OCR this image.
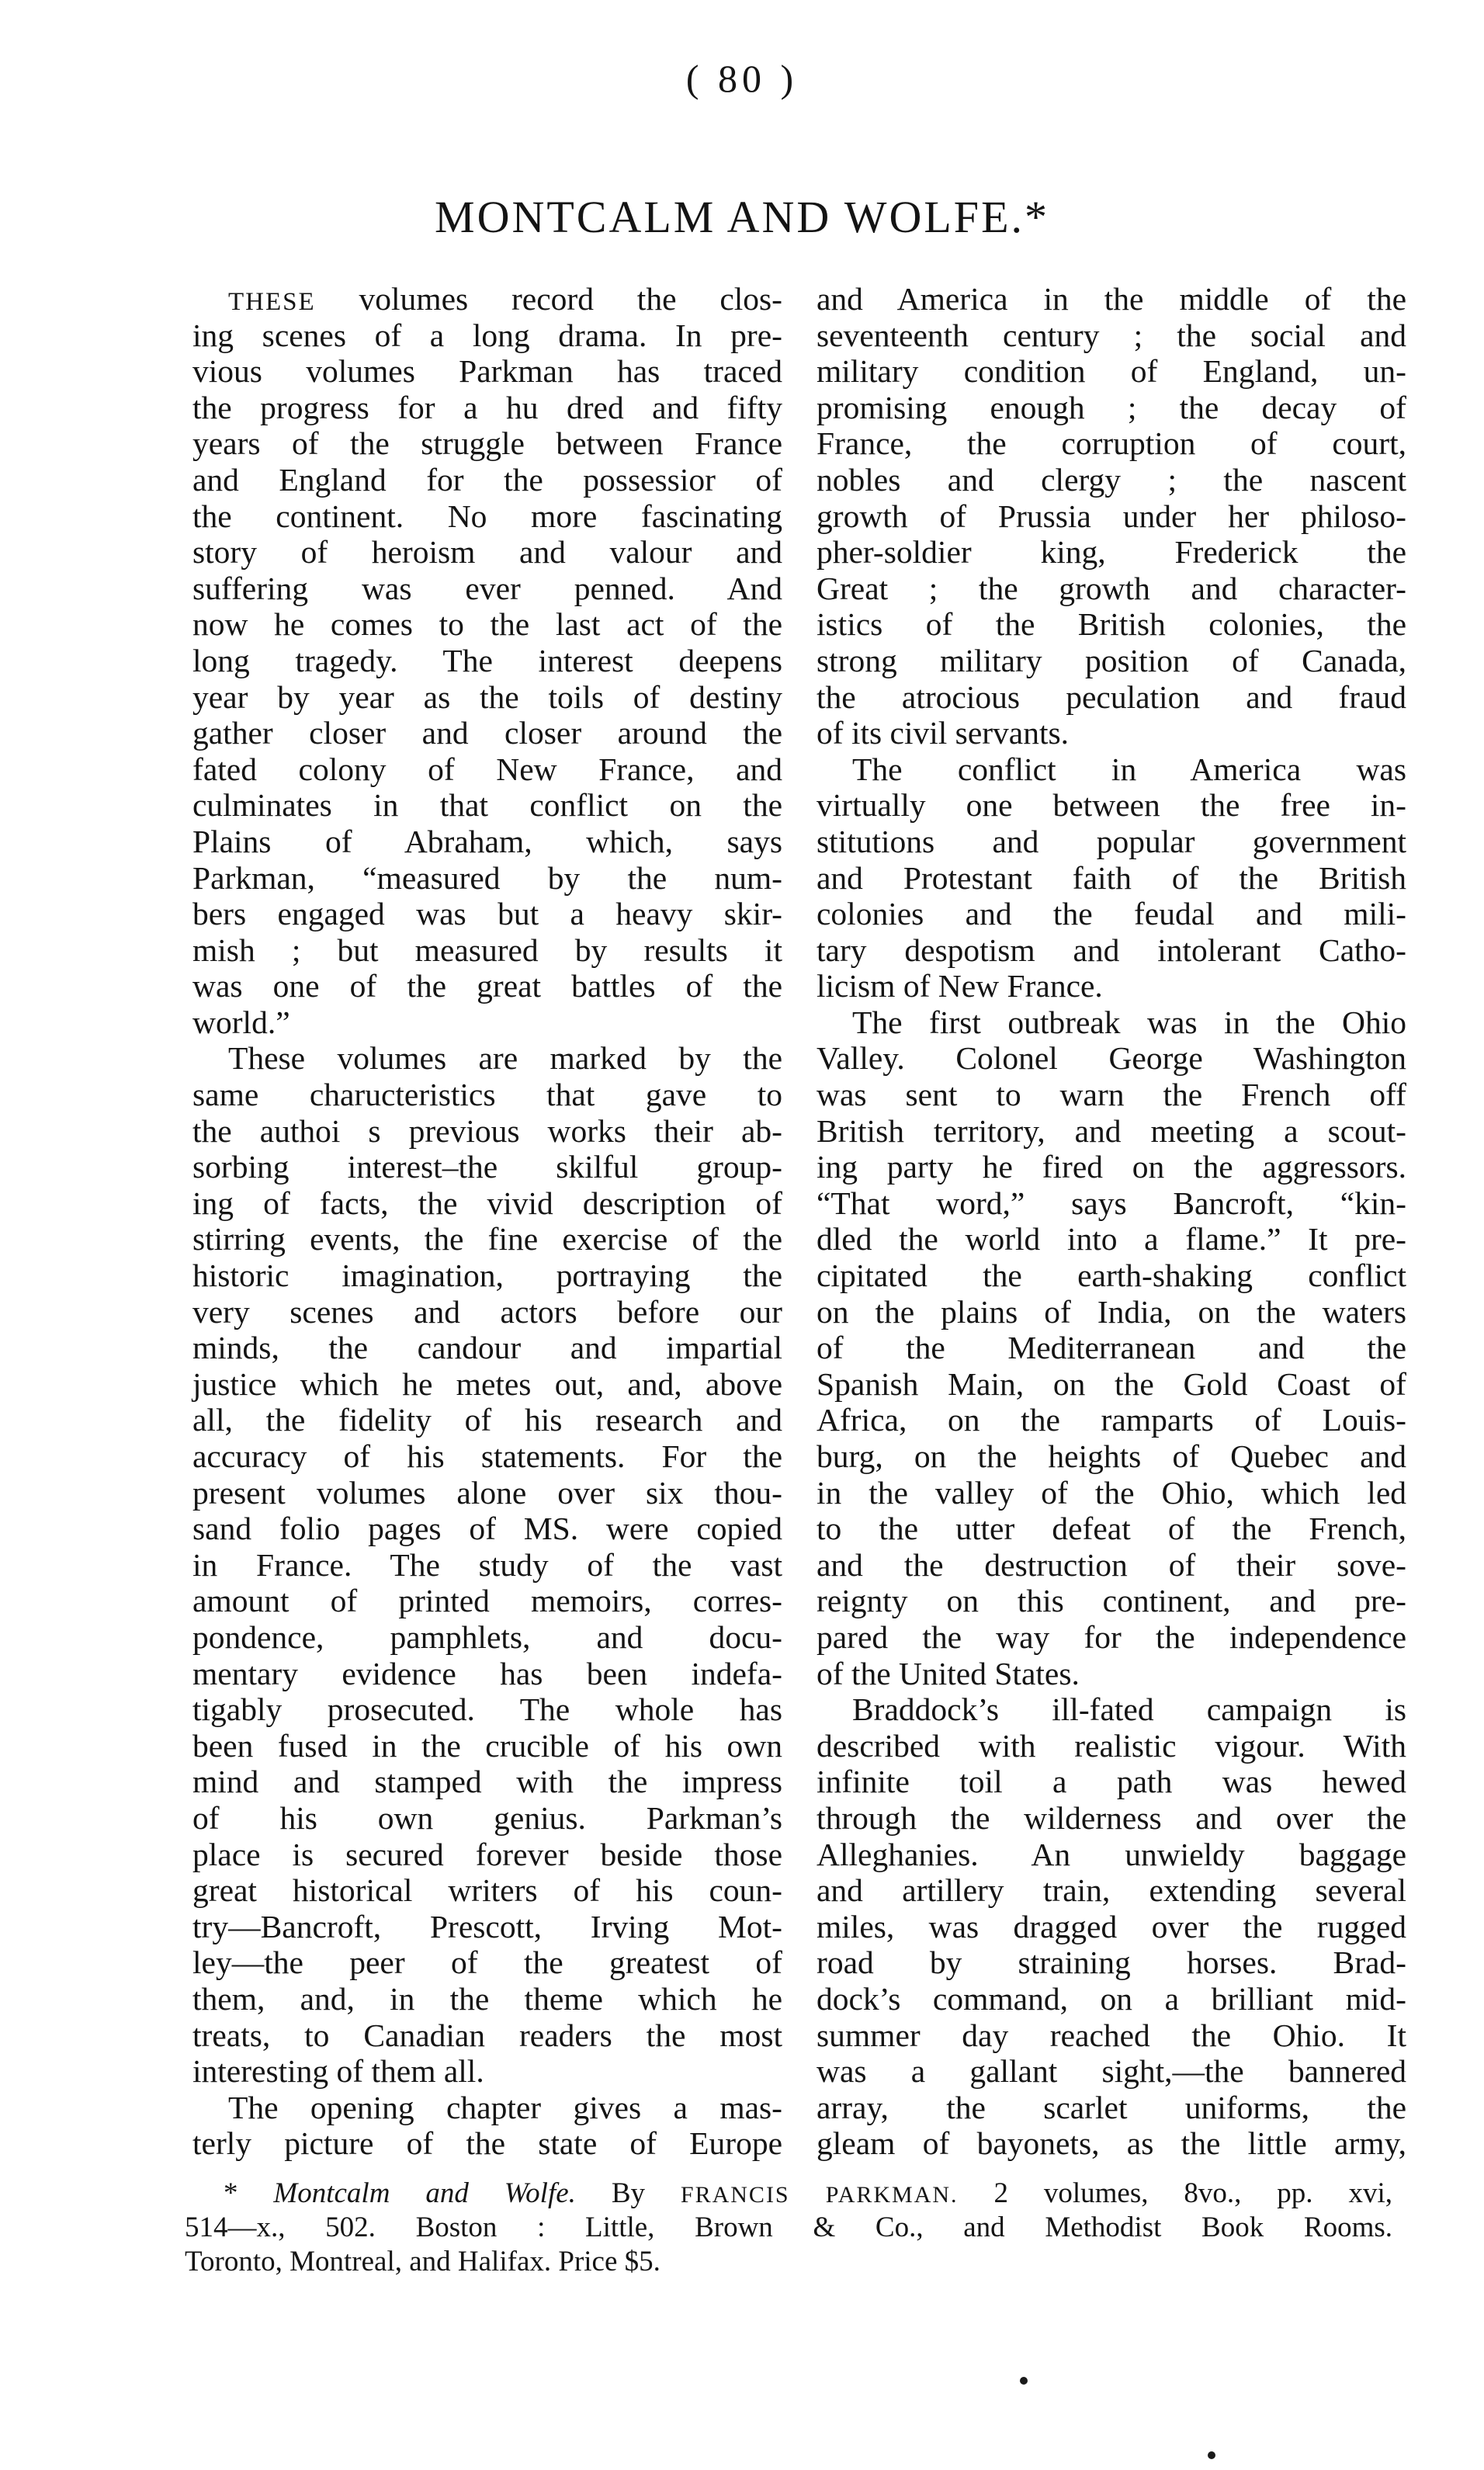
( 80 )
MONTCALM AND WOLFE.*
THESE volumes record the clos-
ing scenes of a long drama. In pre-
vious volumes Parkman has traced
the progress for a hu dred and fifty
years of the struggle between France
and England for the possessior of
the continent. No more fascinating
story of heroism and valour and
suffering was ever penned. And
now he comes to the last act of the
long tragedy. The interest deepens
year by year as the toils of destiny
gather closer and closer around the
fated colony of New France, and
culminates in that conflict on the
Plains of Abraham, which, says
Parkman, “measured by the num-
bers engaged was but a heavy skir-
mish ; but measured by results it
was one of the great battles of the
world.”
These volumes are marked by the
same charucteristics that gave to
the authoi s previous works their ab-
sorbing interest–the skilful group-
ing of facts, the vivid description of
stirring events, the fine exercise of the
historic imagination, portraying the
very scenes and actors before our
minds, the candour and impartial
justice which he metes out, and, above
all, the fidelity of his research and
accuracy of his statements. For the
present volumes alone over six thou-
sand folio pages of MS. were copied
in France. The study of the vast
amount of printed memoirs, corres-
pondence, pamphlets, and docu-
mentary evidence has been indefa-
tigably prosecuted. The whole has
been fused in the crucible of his own
mind and stamped with the impress
of his own genius. Parkman’s
place is secured forever beside those
great historical writers of his coun-
try—Bancroft, Prescott, Irving Mot-
ley—the peer of the greatest of
them, and, in the theme which he
treats, to Canadian readers the most
interesting of them all.
The opening chapter gives a mas-
terly picture of the state of Europe
and America in the middle of the
seventeenth century ; the social and
military condition of England, un-
promising enough ; the decay of
France, the corruption of court,
nobles and clergy ; the nascent
growth of Prussia under her philoso-
pher-soldier king, Frederick the
Great ; the growth and character-
istics of the British colonies, the
strong military position of Canada,
the atrocious peculation and fraud
of its civil servants.
The conflict in America was
virtually one between the free in-
stitutions and popular government
and Protestant faith of the British
colonies and the feudal and mili-
tary despotism and intolerant Catho-
licism of New France.
The first outbreak was in the Ohio
Valley. Colonel George Washington
was sent to warn the French off
British territory, and meeting a scout-
ing party he fired on the aggressors.
“That word,” says Bancroft, “kin-
dled the world into a flame.” It pre-
cipitated the earth-shaking conflict
on the plains of India, on the waters
of the Mediterranean and the
Spanish Main, on the Gold Coast of
Africa, on the ramparts of Louis-
burg, on the heights of Quebec and
in the valley of the Ohio, which led
to the utter defeat of the French,
and the destruction of their sove-
reignty on this continent, and pre-
pared the way for the independence
of the United States.
Braddock’s ill-fated campaign is
described with realistic vigour. With
infinite toil a path was hewed
through the wilderness and over the
Alleghanies. An unwieldy baggage
and artillery train, extending several
miles, was dragged over the rugged
road by straining horses. Brad-
dock’s command, on a brilliant mid-
summer day reached the Ohio. It
was a gallant sight,—the bannered
array, the scarlet uniforms, the
gleam of bayonets, as the little army,
* Montcalm and Wolfe. By FRANCIS PARKMAN. 2 volumes, 8vo., pp. xvi,
514—x., 502. Boston : Little, Brown & Co., and Methodist Book Rooms.
Toronto, Montreal, and Halifax. Price $5.
